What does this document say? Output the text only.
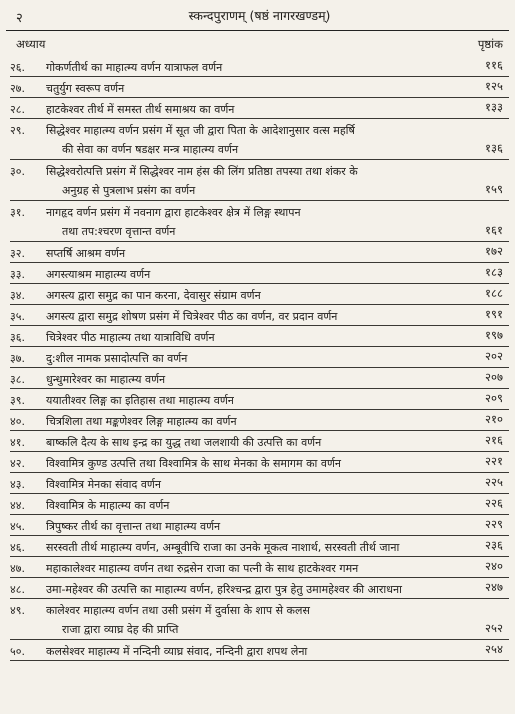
२	स्कन्दपुराणम् (षष्ठं नागरखण्डम्)
अध्याय	पृष्ठांक
२६.	गोकर्णतीर्थ का माहात्म्य वर्णन यात्राफल वर्णन	११६
२७.	चतुर्युग स्वरूप वर्णन	१२५
२८.	हाटकेश्वर तीर्थ में समस्त तीर्थ समाश्रय का वर्णन	१३३
२९.	सिद्धेश्वर माहात्म्य वर्णन प्रसंग में सूत जी द्वारा पिता के आदेशानुसार वत्स महर्षि
की सेवा का वर्णन षडक्षर मन्त्र माहात्म्य वर्णन	१३६
३०.	सिद्धेश्वरोत्पत्ति प्रसंग में सिद्धेश्वर नाम हंस की लिंग प्रतिष्ठा तपस्या तथा शंकर के
अनुग्रह से पुत्रलाभ प्रसंग का वर्णन	१५९
३१.	नागहृद वर्णन प्रसंग में नवनाग द्वारा हाटकेश्वर क्षेत्र में लिङ्ग स्थापन
तथा तप:श्चरण वृत्तान्त वर्णन	१६१
३२.	सप्तर्षि आश्रम वर्णन	१७२
३३.	अगस्त्याश्रम माहात्म्य वर्णन	१८३
३४.	अगस्त्य द्वारा समुद्र का पान करना, देवासुर संग्राम वर्णन	१८८
३५.	अगस्त्य द्वारा समुद्र शोषण प्रसंग में चित्रेश्वर पीठ का वर्णन, वर प्रदान वर्णन	१९१
३६.	चित्रेश्वर पीठ माहात्म्य तथा यात्राविधि वर्णन	१९७
३७.	दु:शील नामक प्रसादोत्पत्ति का वर्णन	२०२
३८.	धुन्धुमारेश्वर का माहात्म्य वर्णन	२०७
३९.	ययातीश्वर लिङ्ग का इतिहास तथा माहात्म्य वर्णन	२०९
४०.	चित्रशिला तथा मङ्कणेश्वर लिङ्ग माहात्म्य का वर्णन	२१०
४१.	बाष्कलि दैत्य के साथ इन्द्र का युद्ध तथा जलशायी की उत्पत्ति का वर्णन	२१६
४२.	विश्वामित्र कुण्ड उत्पत्ति तथा विश्वामित्र के साथ मेनका के समागम का वर्णन	२२१
४३.	विश्वामित्र मेनका संवाद वर्णन	२२५
४४.	विश्वामित्र के माहात्म्य का वर्णन	२२६
४५.	त्रिपुष्कर तीर्थ का वृत्तान्त तथा माहात्म्य वर्णन	२२९
४६.	सरस्वती तीर्थ माहात्म्य वर्णन, अम्बूवीचि राजा का उनके मूकत्व नाशार्थ, सरस्वती तीर्थ जाना	२३६
४७.	महाकालेश्वर माहात्म्य वर्णन तथा रुद्रसेन राजा का पत्नी के साथ हाटकेश्वर गमन	२४०
४८.	उमा-महेश्वर की उत्पत्ति का माहात्म्य वर्णन, हरिश्चन्द्र द्वारा पुत्र हेतु उमामहेश्वर की आराधना	२४७
४९.	कालेश्वर माहात्म्य वर्णन तथा उसी प्रसंग में दुर्वासा के शाप से कलस
राजा द्वारा व्याघ्र देह की प्राप्ति	२५२
५०.	कलसेश्वर माहात्म्य में नन्दिनी व्याघ्र संवाद, नन्दिनी द्वारा शपथ लेना	२५४
